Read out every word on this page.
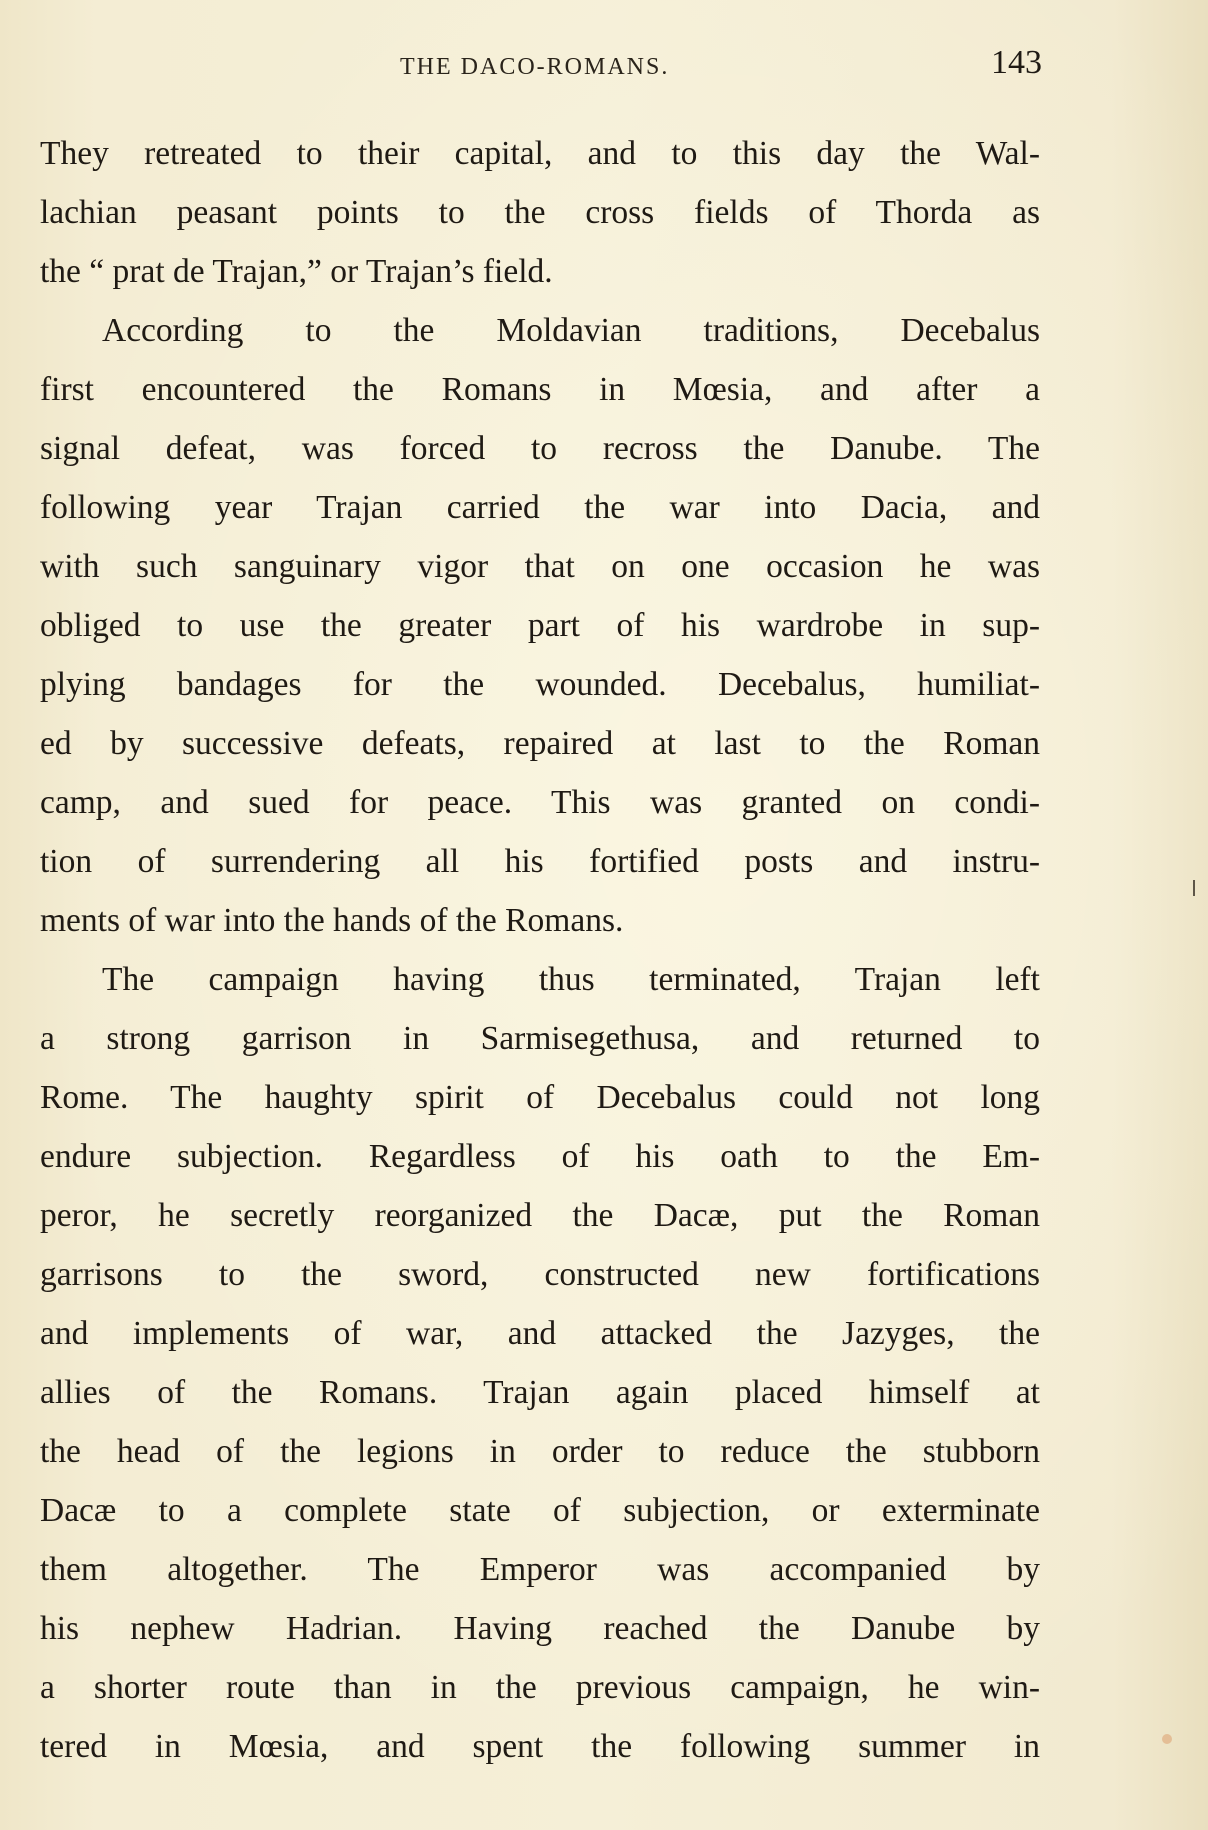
THE DACO-ROMANS.	143
They retreated to their capital, and to this day the Wal-
lachian peasant points to the cross fields of Thorda as
the “ prat de Trajan,” or Trajan’s field.
According to the Moldavian traditions, Decebalus
first encountered the Romans in Mœsia, and after a
signal defeat, was forced to recross the Danube. The
following year Trajan carried the war into Dacia, and
with such sanguinary vigor that on one occasion he was
obliged to use the greater part of his wardrobe in sup-
plying bandages for the wounded. Decebalus, humiliat-
ed by successive defeats, repaired at last to the Roman
camp, and sued for peace. This was granted on condi-
tion of surrendering all his fortified posts and instru-
ments of war into the hands of the Romans.
The campaign having thus terminated, Trajan left
a strong garrison in Sarmisegethusa, and returned to
Rome. The haughty spirit of Decebalus could not long
endure subjection. Regardless of his oath to the Em-
peror, he secretly reorganized the Dacæ, put the Roman
garrisons to the sword, constructed new fortifications
and implements of war, and attacked the Jazyges, the
allies of the Romans. Trajan again placed himself at
the head of the legions in order to reduce the stubborn
Dacæ to a complete state of subjection, or exterminate
them altogether. The Emperor was accompanied by
his nephew Hadrian. Having reached the Danube by
a shorter route than in the previous campaign, he win-
tered in Mœsia, and spent the following summer in
